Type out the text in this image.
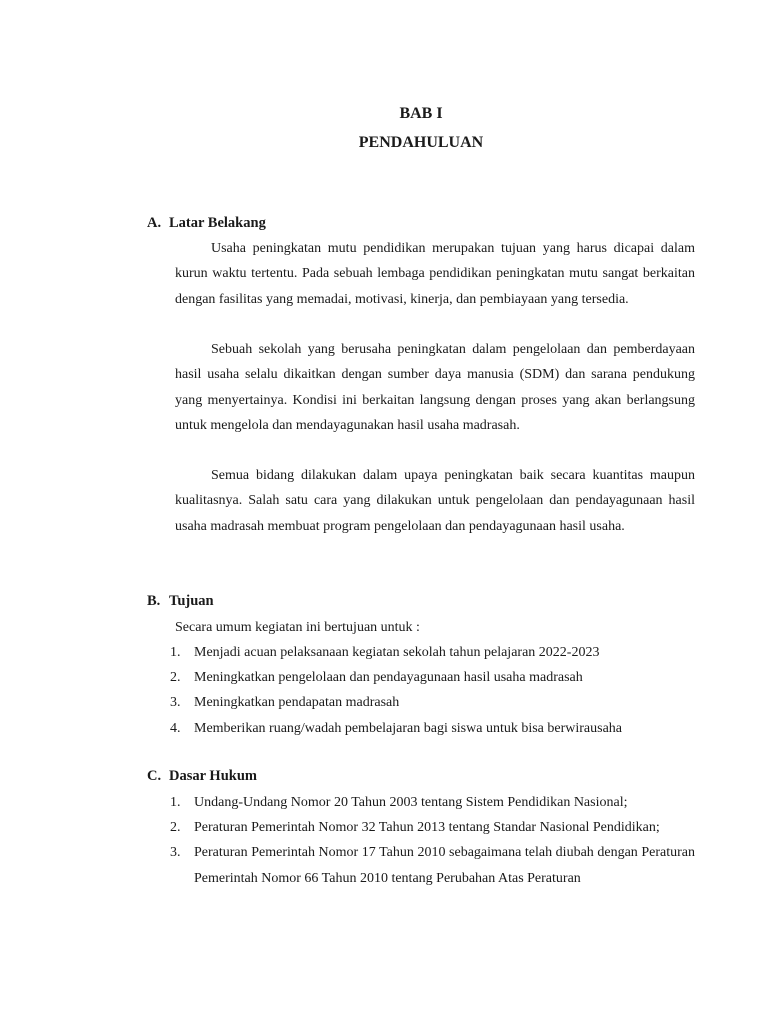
BAB I
PENDAHULUAN
A. Latar Belakang

Usaha peningkatan mutu pendidikan merupakan tujuan yang harus dicapai dalam kurun waktu tertentu. Pada sebuah lembaga pendidikan peningkatan mutu sangat berkaitan dengan fasilitas yang memadai, motivasi, kinerja, dan pembiayaan yang tersedia.

Sebuah sekolah yang berusaha peningkatan dalam pengelolaan dan pemberdayaan hasil usaha selalu dikaitkan dengan sumber daya manusia (SDM) dan sarana pendukung yang menyertainya. Kondisi ini berkaitan langsung dengan proses yang akan berlangsung untuk mengelola dan mendayagunakan hasil usaha madrasah.

Semua bidang dilakukan dalam upaya peningkatan baik secara kuantitas maupun kualitasnya. Salah satu cara yang dilakukan untuk pengelolaan dan pendayagunaan hasil usaha madrasah membuat program pengelolaan dan pendayagunaan hasil usaha.

B. Tujuan
Secara umum kegiatan ini bertujuan untuk :
1. Menjadi acuan pelaksanaan kegiatan sekolah tahun pelajaran 2022-2023
2. Meningkatkan pengelolaan dan pendayagunaan hasil usaha madrasah
3. Meningkatkan pendapatan madrasah
4. Memberikan ruang/wadah pembelajaran bagi siswa untuk bisa berwirausaha
C. Dasar Hukum
1. Undang-Undang Nomor 20 Tahun 2003 tentang Sistem Pendidikan Nasional;
2. Peraturan Pemerintah Nomor 32 Tahun 2013 tentang Standar Nasional Pendidikan;
3. Peraturan Pemerintah Nomor 17 Tahun 2010 sebagaimana telah diubah dengan Peraturan Pemerintah Nomor 66 Tahun 2010 tentang Perubahan Atas Peraturan
